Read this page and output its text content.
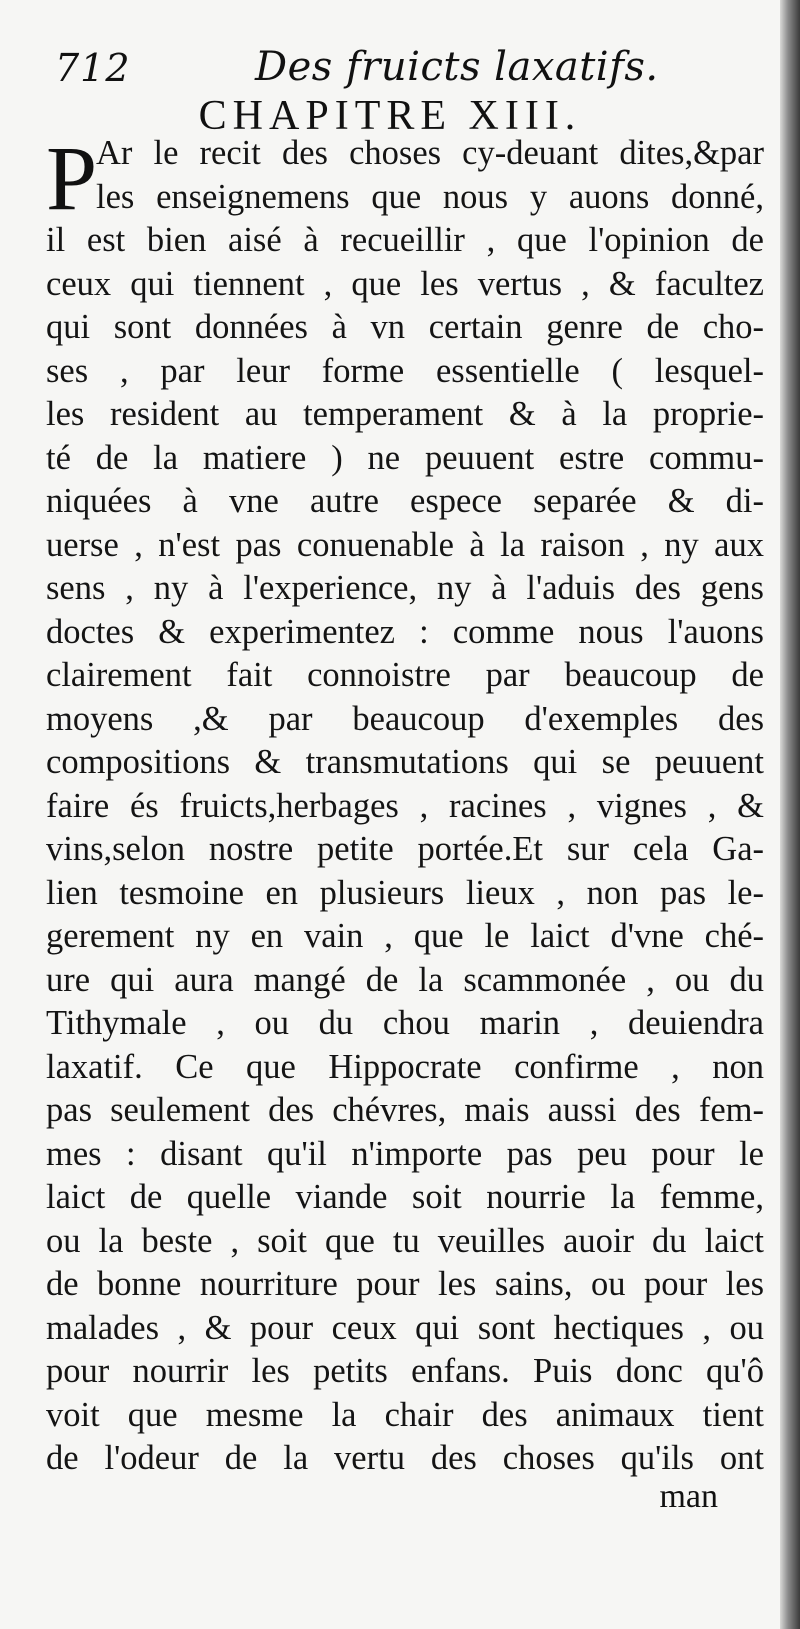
712	Des fruicts laxatifs.
CHAPITRE XIII.
P
Ar le recit des choses cy-deuant dites,&par
les enseignemens que nous y auons donné,
il est bien aisé à recueillir , que l'opinion de
ceux qui tiennent , que les vertus , & facultez
qui sont données à vn certain genre de cho-
ses , par leur forme essentielle ( lesquel-
les resident au temperament & à la proprie-
té de la matiere ) ne peuuent estre commu-
niquées à vne autre espece separée & di-
uerse , n'est pas conuenable à la raison , ny aux
sens , ny à l'experience, ny à l'aduis des gens
doctes & experimentez : comme nous l'auons
clairement fait connoistre par beaucoup de
moyens ,& par beaucoup d'exemples des
compositions & transmutations qui se peuuent
faire és fruicts,herbages , racines , vignes , &
vins,selon nostre petite portée.Et sur cela Ga-
lien tesmoine en plusieurs lieux , non pas le-
gerement ny en vain , que le laict d'vne ché-
ure qui aura mangé de la scammonée , ou du
Tithymale , ou du chou marin , deuiendra
laxatif. Ce que Hippocrate confirme , non
pas seulement des chévres, mais aussi des fem-
mes : disant qu'il n'importe pas peu pour le
laict de quelle viande soit nourrie la femme,
ou la beste , soit que tu veuilles auoir du laict
de bonne nourriture pour les sains, ou pour les
malades , & pour ceux qui sont hectiques , ou
pour nourrir les petits enfans. Puis donc qu'ô
voit que mesme la chair des animaux tient
de l'odeur de la vertu des choses qu'ils ont
man
